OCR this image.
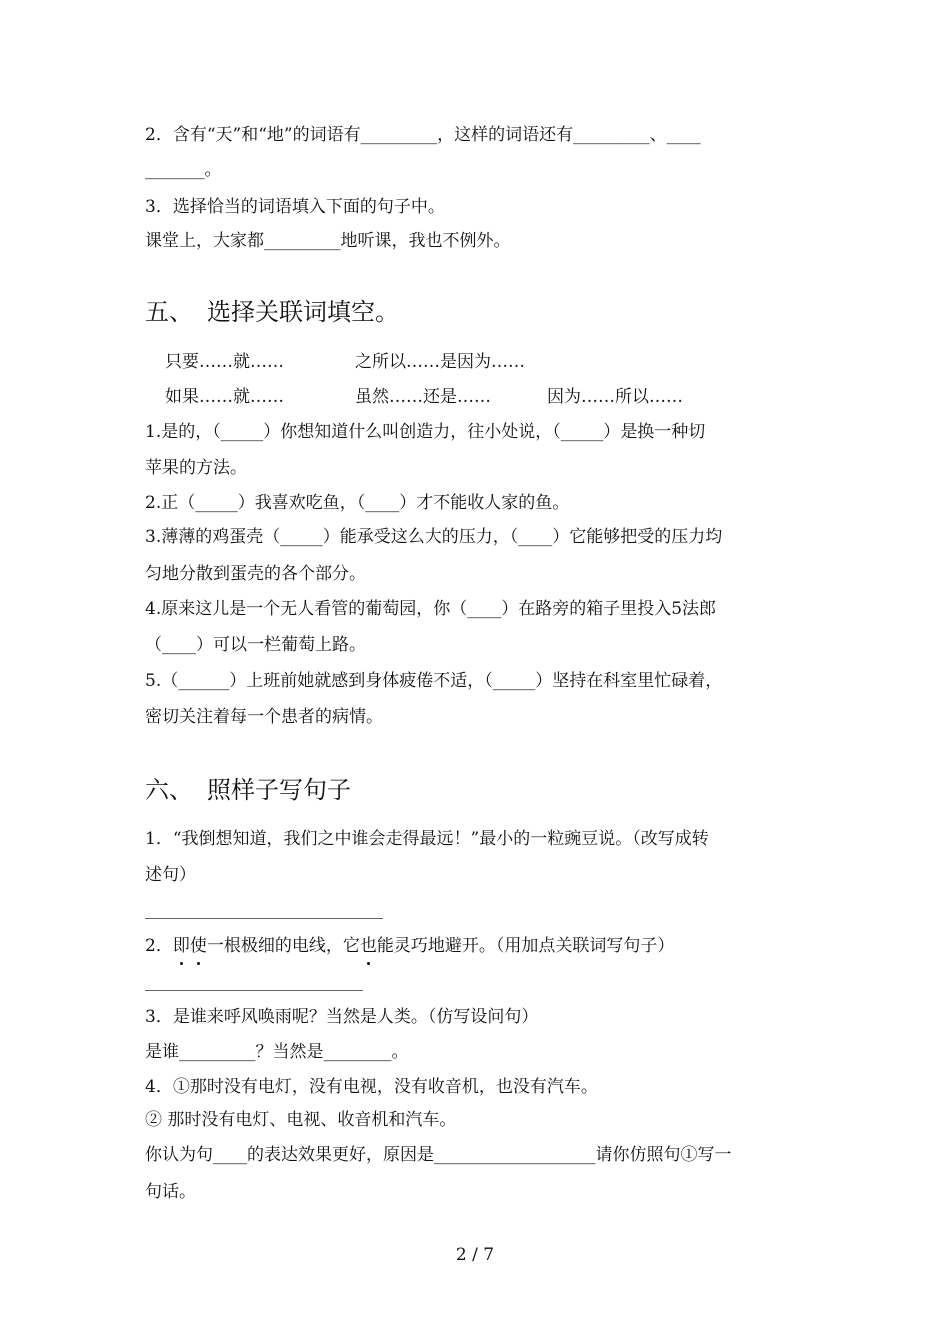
2．含有“天”和“地”的词语有_________，这样的词语还有_________、____
_______。
3．选择恰当的词语填入下面的句子中。
课堂上，大家都_________地听课，我也不例外。
五、 选择关联词填空。
只要……就……	之所以……是因为……
如果……就……	虽然……还是……	因为……所以……
1.是的，（_____）你想知道什么叫创造力，往小处说，（_____）是换一种切
苹果的方法。
2.正（_____）我喜欢吃鱼，（____）才不能收人家的鱼。
3.薄薄的鸡蛋壳（_____）能承受这么大的压力，（____）它能够把受的压力均
匀地分散到蛋壳的各个部分。
4.原来这儿是一个无人看管的葡萄园，你（____）在路旁的箱子里投入5法郎
（____）可以一栏葡萄上路。
5.（______）上班前她就感到身体疲倦不适，（_____）坚持在科室里忙碌着，
密切关注着每一个患者的病情。
六、 照样子写句子
1．“我倒想知道，我们之中谁会走得最远！”最小的一粒豌豆说。（改写成转
述句）
2．即使一根极细的电线，它也能灵巧地避开。（用加点关联词写句子）
3．是谁来呼风唤雨呢？当然是人类。（仿写设问句）
是谁_________？当然是________。
4．①那时没有电灯，没有电视，没有收音机，也没有汽车。
② 那时没有电灯、电视、收音机和汽车。
你认为句____的表达效果更好，原因是___________________请你仿照句①写一
句话。
2 / 7
